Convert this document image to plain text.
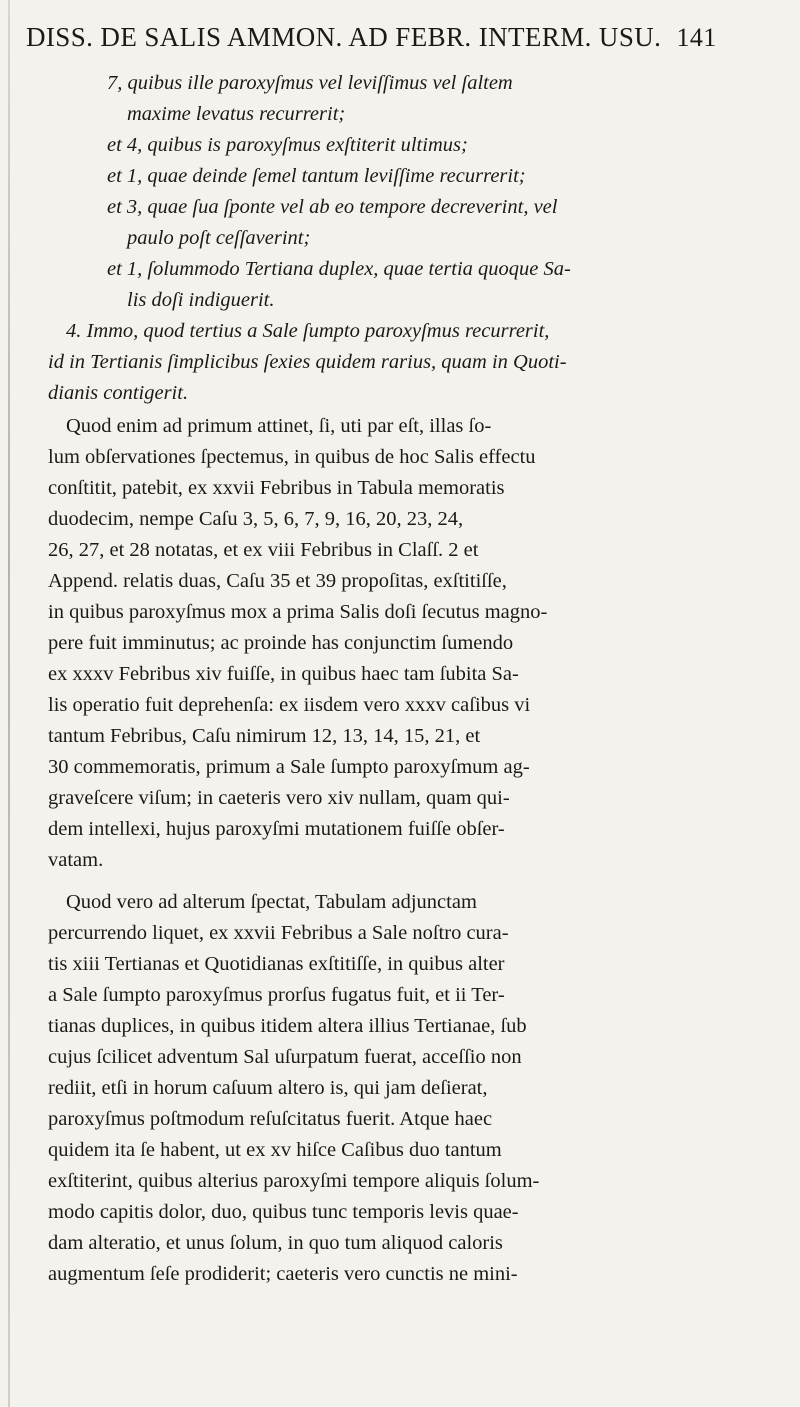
DISS. DE SALIS AMMON. AD FEBR. INTERM. USU. 141
7, quibus ille paroxyſmus vel leviſſimus vel ſaltem
maxime levatus recurrerit;
et 4, quibus is paroxyſmus exſtiterit ultimus;
et 1, quae deinde ſemel tantum leviſſime recurrerit;
et 3, quae ſua ſponte vel ab eo tempore decreverint, vel
paulo poſt ceſſaverint;
et 1, ſolummodo Tertiana duplex, quae tertia quoque Sa-
lis doſi indiguerit.
4. Immo, quod tertius a Sale ſumpto paroxyſmus recurrerit,
id in Tertianis ſimplicibus ſexies quidem rarius, quam in Quoti-
dianis contigerit.
Quod enim ad primum attinet, ſi, uti par eſt, illas ſo-
lum obſervationes ſpectemus, in quibus de hoc Salis effectu
conſtitit, patebit, ex xxvii Febribus in Tabula memoratis
duodecim, nempe Caſu 3, 5, 6, 7, 9, 16, 20, 23, 24,
26, 27, et 28 notatas, et ex viii Febribus in Claſſ. 2 et
Append. relatis duas, Caſu 35 et 39 propoſitas, exſtitiſſe,
in quibus paroxyſmus mox a prima Salis doſi ſecutus magno-
pere fuit imminutus; ac proinde has conjunctim ſumendo
ex xxxv Febribus xiv fuiſſe, in quibus haec tam ſubita Sa-
lis operatio fuit deprehenſa: ex iisdem vero xxxv caſibus vi
tantum Febribus, Caſu nimirum 12, 13, 14, 15, 21, et
30 commemoratis, primum a Sale ſumpto paroxyſmum ag-
graveſcere viſum; in caeteris vero xiv nullam, quam qui-
dem intellexi, hujus paroxyſmi mutationem fuiſſe obſer-
vatam.
Quod vero ad alterum ſpectat, Tabulam adjunctam
percurrendo liquet, ex xxvii Febribus a Sale noſtro cura-
tis xiii Tertianas et Quotidianas exſtitiſſe, in quibus alter
a Sale ſumpto paroxyſmus prorſus fugatus fuit, et ii Ter-
tianas duplices, in quibus itidem altera illius Tertianae, ſub
cujus ſcilicet adventum Sal uſurpatum fuerat, acceſſio non
rediit, etſi in horum caſuum altero is, qui jam deſierat,
paroxyſmus poſtmodum reſuſcitatus fuerit. Atque haec
quidem ita ſe habent, ut ex xv hiſce Caſibus duo tantum
exſtiterint, quibus alterius paroxyſmi tempore aliquis ſolum-
modo capitis dolor, duo, quibus tunc temporis levis quae-
dam alteratio, et unus ſolum, in quo tum aliquod caloris
augmentum ſeſe prodiderit; caeteris vero cunctis ne mini-
